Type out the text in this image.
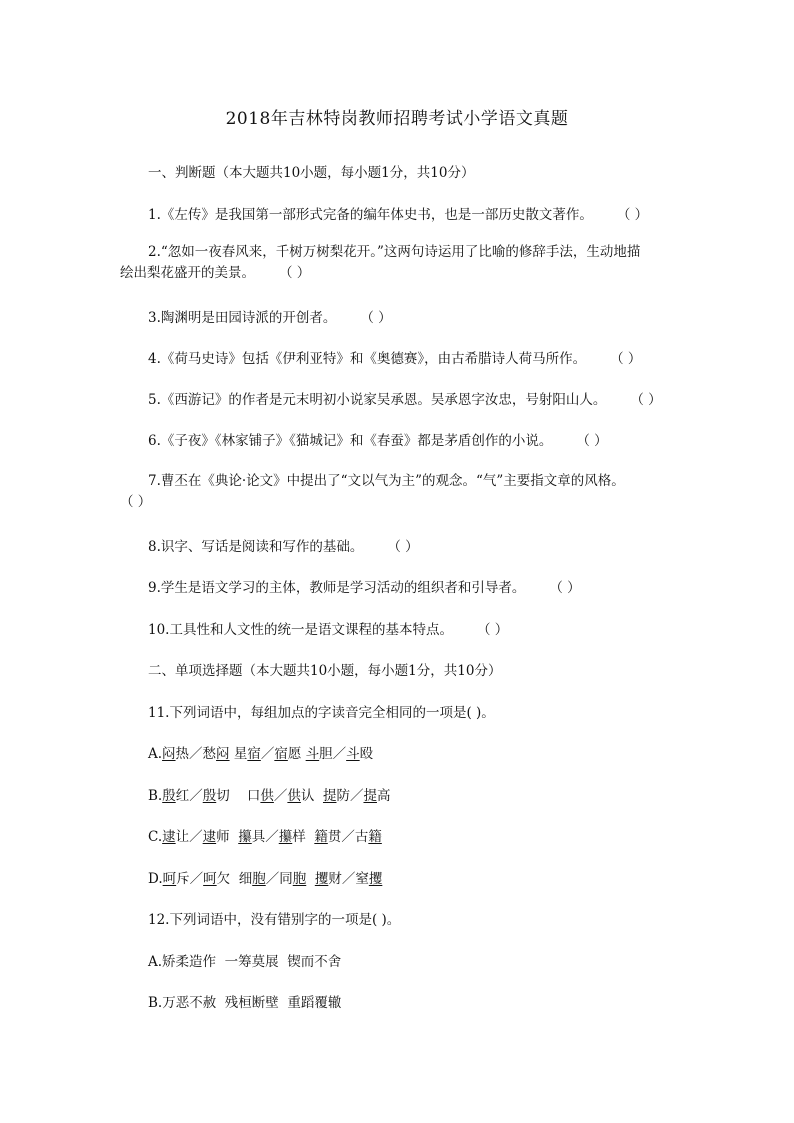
2018年吉林特岗教师招聘考试小学语文真题
一、判断题（本大题共10小题，每小题1分，共10分）
1.《左传》是我国第一部形式完备的编年体史书，也是一部历史散文著作。 （ ）
2.“忽如一夜春风来，千树万树梨花开。”这两句诗运用了比喻的修辞手法，生动地描
绘出梨花盛开的美景。 （ ）
3.陶渊明是田园诗派的开创者。 （ ）
4.《荷马史诗》包括《伊利亚特》和《奥德赛》，由古希腊诗人荷马所作。 （ ）
5.《西游记》的作者是元末明初小说家吴承恩。吴承恩字汝忠，号射阳山人。 （ ）
6.《子夜》《林家铺子》《猫城记》和《春蚕》都是茅盾创作的小说。 （ ）
7.曹丕在《典论·论文》中提出了“文以气为主”的观念。“气”主要指文章的风格。
（ ）
8.识字、写话是阅读和写作的基础。 （ ）
9.学生是语文学习的主体，教师是学习活动的组织者和引导者。 （ ）
10.工具性和人文性的统一是语文课程的基本特点。 （ ）
二、单项选择题（本大题共10小题，每小题1分，共10分）
11.下列词语中，每组加点的字读音完全相同的一项是( )。
A.闷热／愁闷 星宿／宿愿 斗胆／斗殴
B.殷红／殷切    口供／供认  提防／提高
C.逮让／逮师  攥具／攥样  籍贯／古籍
D.呵斥／呵欠  细胞／同胞 攫财／窒攫
12.下列词语中，没有错别字的一项是( )。
A.矫柔造作  一筹莫展  锲而不舍
B.万恶不赦  残桓断壁  重蹈覆辙
